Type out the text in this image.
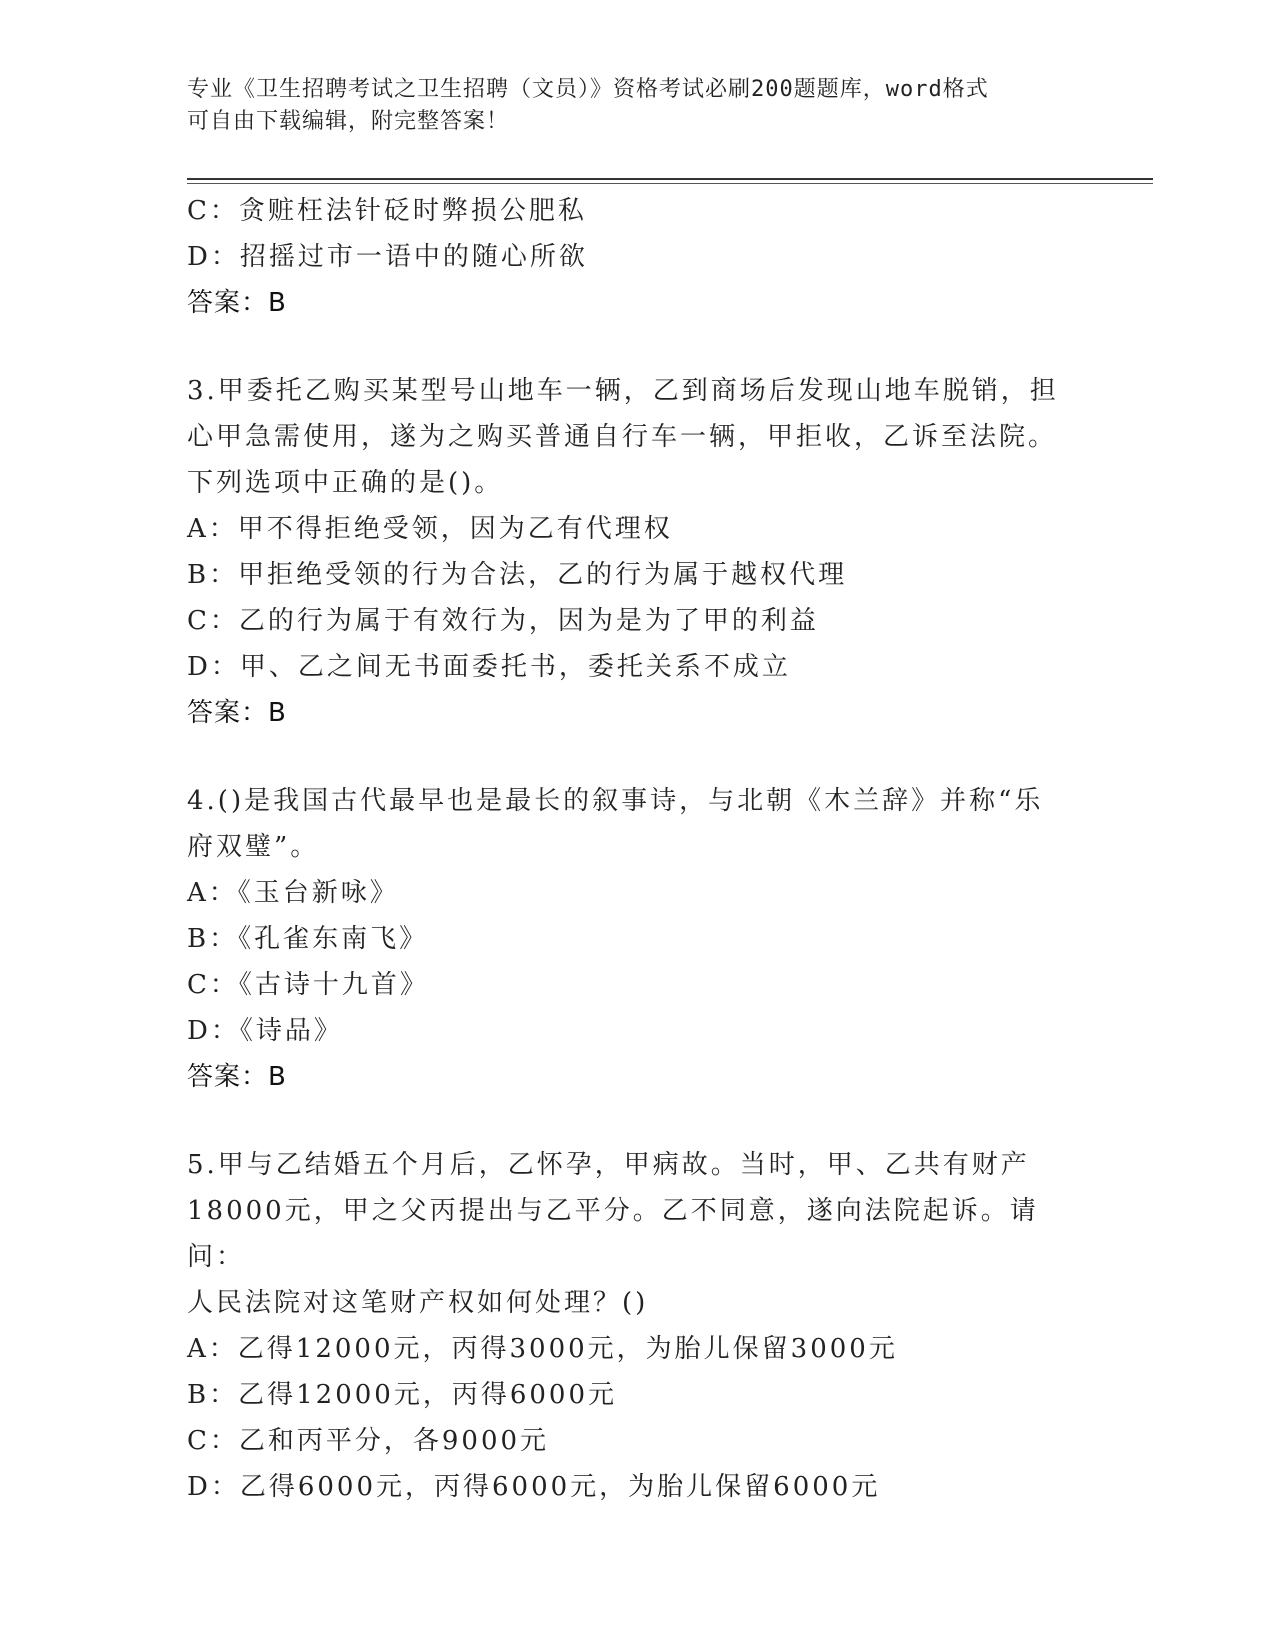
专业《卫生招聘考试之卫生招聘（文员）》资格考试必刷200题题库，word格式
可自由下载编辑，附完整答案！
C：贪赃枉法针砭时弊损公肥私
D：招摇过市一语中的随心所欲
答案：B
3.甲委托乙购买某型号山地车一辆，乙到商场后发现山地车脱销，担
心甲急需使用，遂为之购买普通自行车一辆，甲拒收，乙诉至法院。
下列选项中正确的是()。
A：甲不得拒绝受领，因为乙有代理权
B：甲拒绝受领的行为合法，乙的行为属于越权代理
C：乙的行为属于有效行为，因为是为了甲的利益
D：甲、乙之间无书面委托书，委托关系不成立
答案：B
4.()是我国古代最早也是最长的叙事诗，与北朝《木兰辞》并称“乐
府双璧”。
A：《玉台新咏》
B：《孔雀东南飞》
C：《古诗十九首》
D：《诗品》
答案：B
5.甲与乙结婚五个月后，乙怀孕，甲病故。当时，甲、乙共有财产
18000元，甲之父丙提出与乙平分。乙不同意，遂向法院起诉。请问：
人民法院对这笔财产权如何处理？()
A：乙得12000元，丙得3000元，为胎儿保留3000元
B：乙得12000元，丙得6000元
C：乙和丙平分，各9000元
D：乙得6000元，丙得6000元，为胎儿保留6000元
